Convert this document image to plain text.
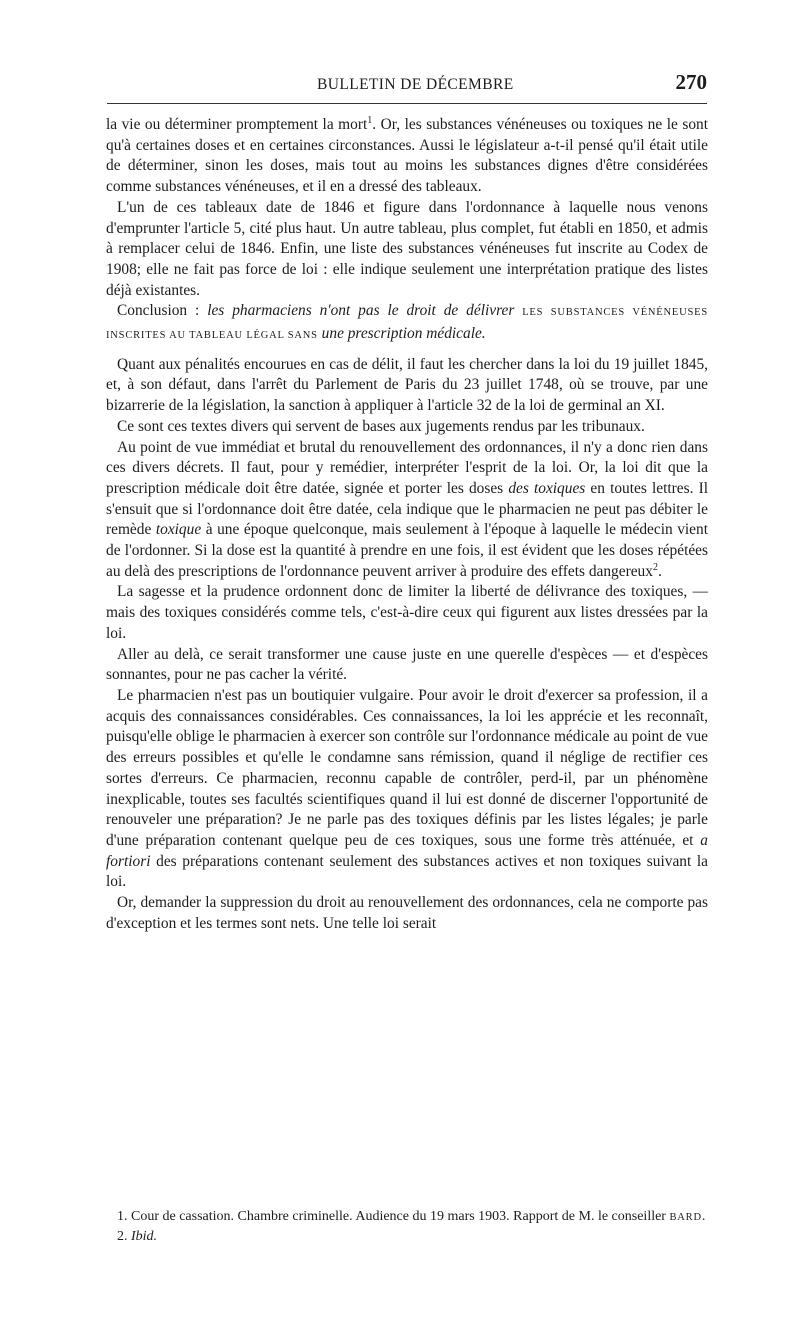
BULLETIN DE DÉCEMBRE	270

la vie ou déterminer promptement la mort$^1$. Or, les substances vénéneuses ou toxiques ne le sont qu'à certaines doses et en certaines circonstances. Aussi le législateur a-t-il pensé qu'il était utile de déterminer, sinon les doses, mais tout au moins les substances dignes d'être considérées comme substances vénéneuses, et il en a dressé des tableaux.

L'un de ces tableaux date de 1846 et figure dans l'ordonnance à laquelle nous venons d'emprunter l'article 5, cité plus haut. Un autre tableau, plus complet, fut établi en 1850, et admis à remplacer celui de 1846. Enfin, une liste des substances vénéneuses fut inscrite au Codex de 1908; elle ne fait pas force de loi : elle indique seulement une interprétation pratique des listes déjà existantes.

Conclusion : les pharmaciens n'ont pas le droit de délivrer LES SUBSTANCES VÉNÉNEUSES INSCRITES AU TABLEAU LÉGAL SANS une prescription médicale.

Quant aux pénalités encourues en cas de délit, il faut les chercher dans la loi du 19 juillet 1845, et, à son défaut, dans l'arrêt du Parlement de Paris du 23 juillet 1748, où se trouve, par une bizarrerie de la législation, la sanction à appliquer à l'article 32 de la loi de germinal an XI.

Ce sont ces textes divers qui servent de bases aux jugements rendus par les tribunaux.

Au point de vue immédiat et brutal du renouvellement des ordonnances, il n'y a donc rien dans ces divers décrets. Il faut, pour y remédier, interpréter l'esprit de la loi. Or, la loi dit que la prescription médicale doit être datée, signée et porter les doses des toxiques en toutes lettres. Il s'ensuit que si l'ordonnance doit être datée, cela indique que le pharmacien ne peut pas débiter le remède toxique à une époque quelconque, mais seulement à l'époque à laquelle le médecin vient de l'ordonner. Si la dose est la quantité à prendre en une fois, il est évident que les doses répétées au delà des prescriptions de l'ordonnance peuvent arriver à produire des effets dangereux$^2$.

La sagesse et la prudence ordonnent donc de limiter la liberté de délivrance des toxiques, — mais des toxiques considérés comme tels, c'est-à-dire ceux qui figurent aux listes dressées par la loi.

Aller au delà, ce serait transformer une cause juste en une querelle d'espèces — et d'espèces sonnantes, pour ne pas cacher la vérité.

Le pharmacien n'est pas un boutiquier vulgaire. Pour avoir le droit d'exercer sa profession, il a acquis des connaissances considérables. Ces connaissances, la loi les apprécie et les reconnaît, puisqu'elle oblige le pharmacien à exercer son contrôle sur l'ordonnance médicale au point de vue des erreurs possibles et qu'elle le condamne sans rémission, quand il néglige de rectifier ces sortes d'erreurs. Ce pharmacien, reconnu capable de contrôler, perd-il, par un phénomène inexplicable, toutes ses facultés scientifiques quand il lui est donné de discerner l'opportunité de renouveler une préparation? Je ne parle pas des toxiques définis par les listes légales; je parle d'une préparation contenant quelque peu de ces toxiques, sous une forme très atténuée, et a fortiori des préparations contenant seulement des substances actives et non toxiques suivant la loi.

Or, demander la suppression du droit au renouvellement des ordonnances, cela ne comporte pas d'exception et les termes sont nets. Une telle loi serait

1. Cour de cassation. Chambre criminelle. Audience du 19 mars 1903. Rapport de M. le conseiller BARD.

2. Ibid.
